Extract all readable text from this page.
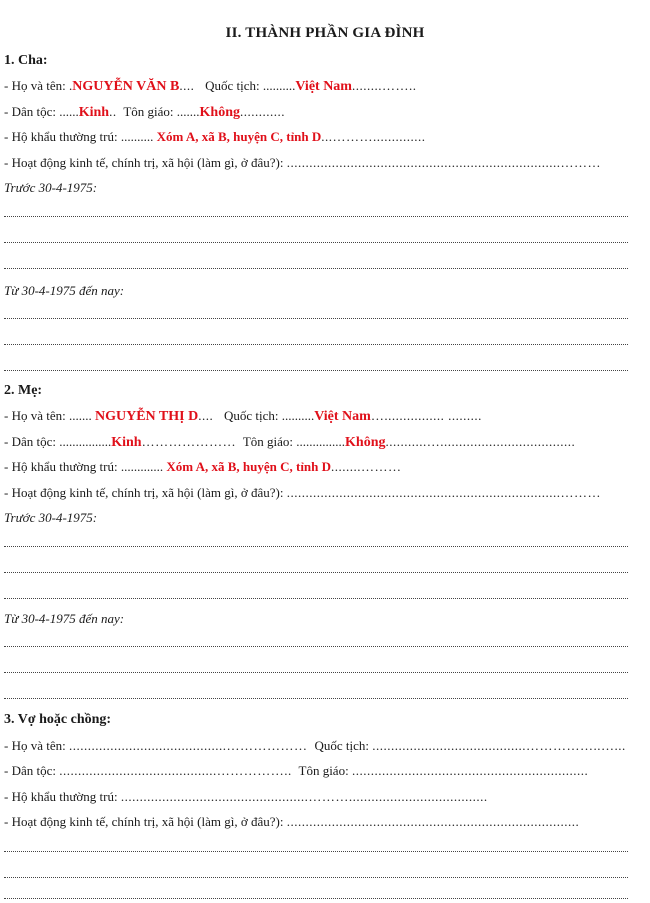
II. THÀNH PHẦN GIA ĐÌNH
1. Cha:
- Họ và tên: .NGUYỄN VĂN B....   Quốc tịch: ..........Việt Nam........……..
- Dân tộc: ......Kinh..  Tôn giáo: .......Không............
- Hộ khẩu thường trú: .......... Xóm A, xã B, huyện C, tỉnh D...………..............
- Hoạt động kinh tế, chính trị, xã hội (làm gì, ở đâu?): .........................................................................………
Trước 30-4-1975:
Từ 30-4-1975 đến nay:
2. Mẹ:
- Họ và tên: ....... NGUYỄN THỊ D....   Quốc tịch: ..........Việt Nam…................ .........
- Dân tộc: ................Kinh…………………  Tôn giáo: ...............Không...........…....................................
- Hộ khẩu thường trú: ............. Xóm A, xã B, huyện C, tỉnh D........………
- Hoạt động kinh tế, chính trị, xã hội (làm gì, ở đâu?): .........................................................................………
Trước 30-4-1975:
Từ 30-4-1975 đến nay:
3. Vợ hoặc chồng:
- Họ và tên: ..........................................………………  Quốc tịch: .........................................……………..…...
- Dân tộc: ..........................................……………..  Tôn giáo: ...............................................................
- Hộ khẩu thường trú: ..................................................……….....................................
- Hoạt động kinh tế, chính trị, xã hội (làm gì, ở đâu?): ..............................................................................
